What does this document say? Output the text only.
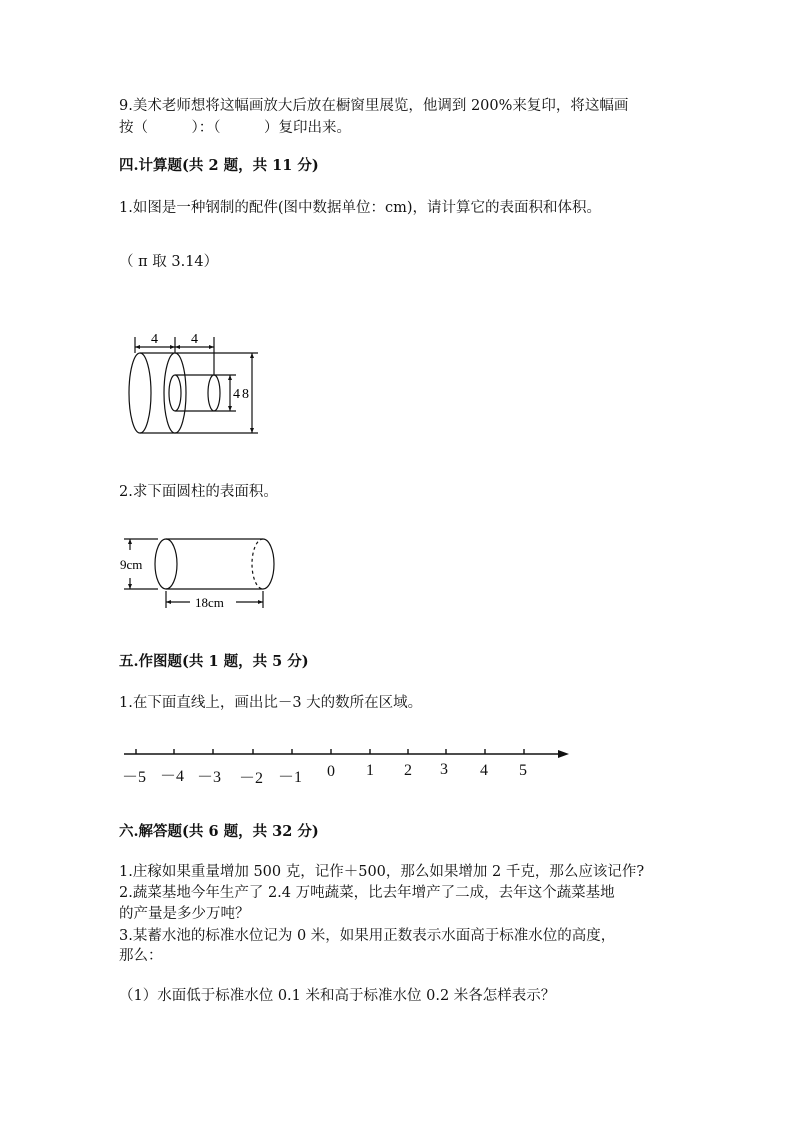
9.美术老师想将这幅画放大后放在橱窗里展览，他调到 200%来复印，将这幅画
按（　　　）：（　　　）复印出来。
四.计算题(共 2 题，共 11 分)
1.如图是一种钢制的配件(图中数据单位：cm)，请计算它的表面积和体积。
（ π 取 3.14）
4 4
4 8
2.求下面圆柱的表面积。
9cm
18cm
五.作图题(共 1 题，共 5 分)
1.在下面直线上，画出比－3 大的数所在区域。
－5 －4 －3 －2 －1 0 1 2 3 4 5
六.解答题(共 6 题，共 32 分)
1.庄稼如果重量增加 500 克，记作＋500，那么如果增加 2 千克，那么应该记作?
2.蔬菜基地今年生产了 2.4 万吨蔬菜，比去年增产了二成，去年这个蔬菜基地
的产量是多少万吨？
3.某蓄水池的标准水位记为 0 米，如果用正数表示水面高于标准水位的高度，
那么：
（1）水面低于标准水位 0.1 米和高于标准水位 0.2 米各怎样表示？
